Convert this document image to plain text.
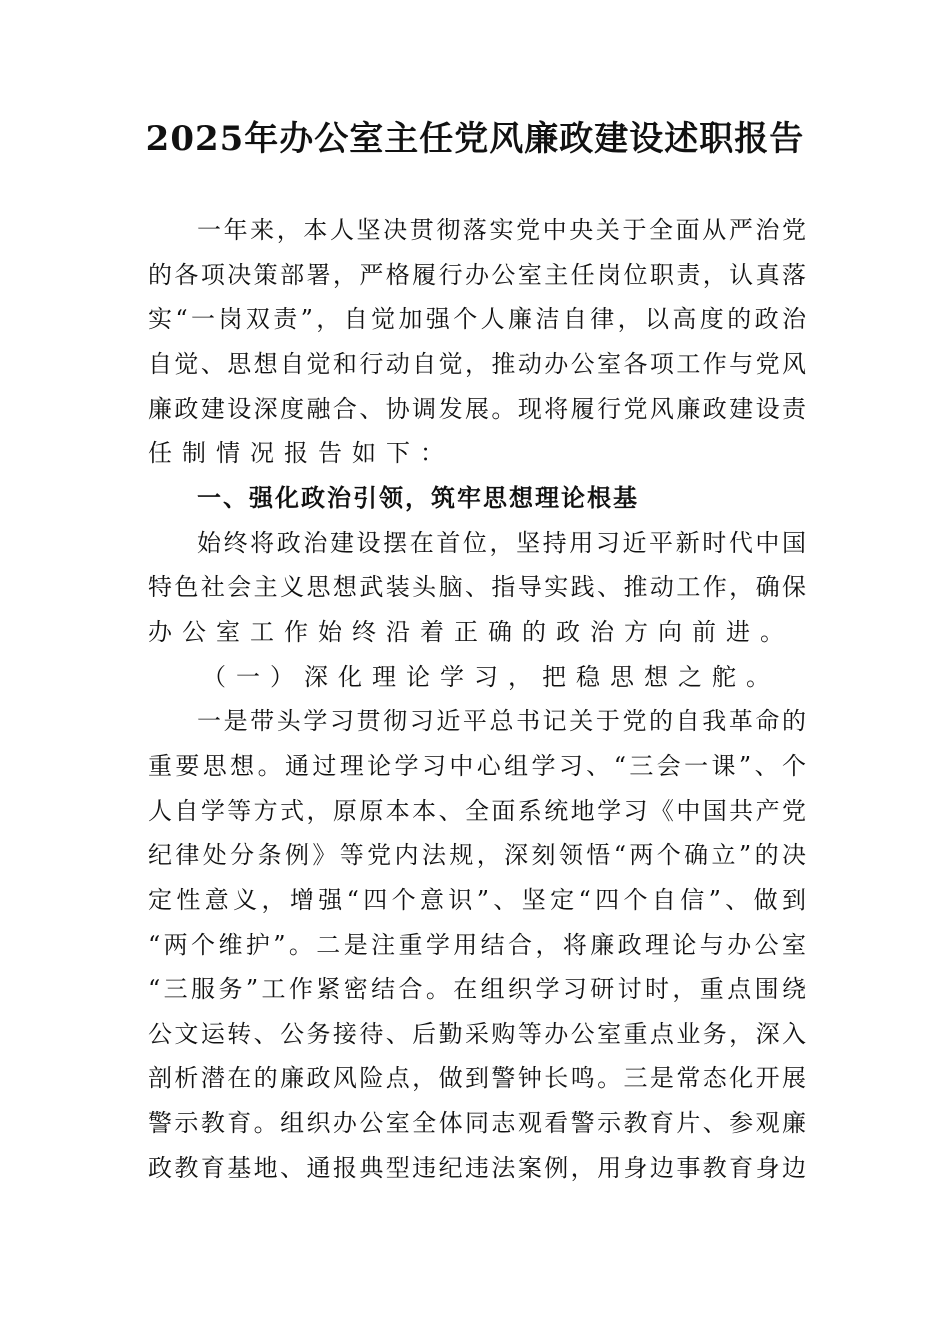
2025年办公室主任党风廉政建设述职报告
一年来，本人坚决贯彻落实党中央关于全面从严治党
的各项决策部署，严格履行办公室主任岗位职责，认真落
实“一岗双责”，自觉加强个人廉洁自律，以高度的政治
自觉、思想自觉和行动自觉，推动办公室各项工作与党风
廉政建设深度融合、协调发展。现将履行党风廉政建设责
任制情况报告如下：
一、强化政治引领，筑牢思想理论根基
始终将政治建设摆在首位，坚持用习近平新时代中国
特色社会主义思想武装头脑、指导实践、推动工作，确保
办公室工作始终沿着正确的政治方向前进。
（一）深化理论学习，把稳思想之舵。
一是带头学习贯彻习近平总书记关于党的自我革命的
重要思想。通过理论学习中心组学习、“三会一课”、个
人自学等方式，原原本本、全面系统地学习《中国共产党
纪律处分条例》等党内法规，深刻领悟“两个确立”的决
定性意义，增强“四个意识”、坚定“四个自信”、做到
“两个维护”。二是注重学用结合，将廉政理论与办公室
“三服务”工作紧密结合。在组织学习研讨时，重点围绕
公文运转、公务接待、后勤采购等办公室重点业务，深入
剖析潜在的廉政风险点，做到警钟长鸣。三是常态化开展
警示教育。组织办公室全体同志观看警示教育片、参观廉
政教育基地、通报典型违纪违法案例，用身边事教育身边
